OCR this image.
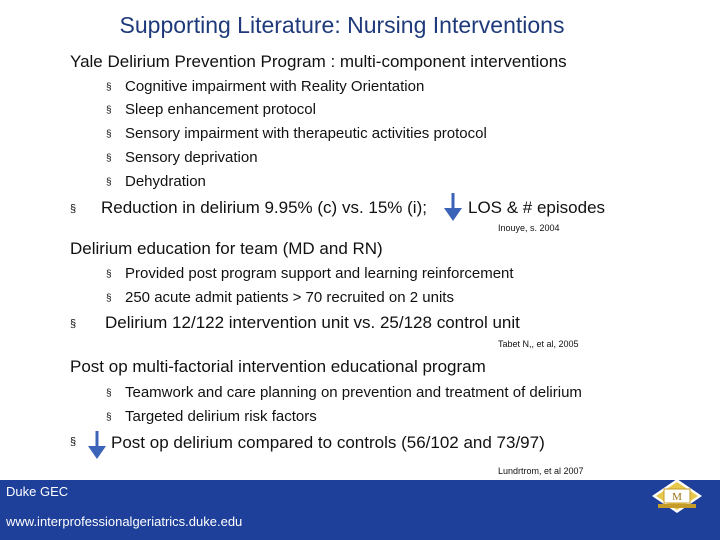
Supporting Literature: Nursing Interventions
Yale Delirium Prevention Program : multi-component interventions
§ Cognitive impairment with Reality Orientation
§ Sleep enhancement protocol
§ Sensory impairment with therapeutic activities protocol
§ Sensory deprivation
§ Dehydration
§ Reduction in delirium 9.95% (c) vs. 15% (i); LOS & # episodes
Inouye, s. 2004
Delirium education for team (MD and RN)
§ Provided post program support and learning reinforcement
§ 250 acute admit patients > 70 recruited on 2 units
§ Delirium 12/122 intervention unit vs. 25/128 control unit
Tabet N,, et al, 2005
Post op multi-factorial intervention educational program
§ Teamwork and care planning on prevention and treatment of delirium
§ Targeted delirium risk factors
§ Post op delirium compared to controls (56/102 and 73/97)
Lundrtrom, et al 2007
Duke GEC
www.interprofessionalgeriatrics.duke.edu
M
